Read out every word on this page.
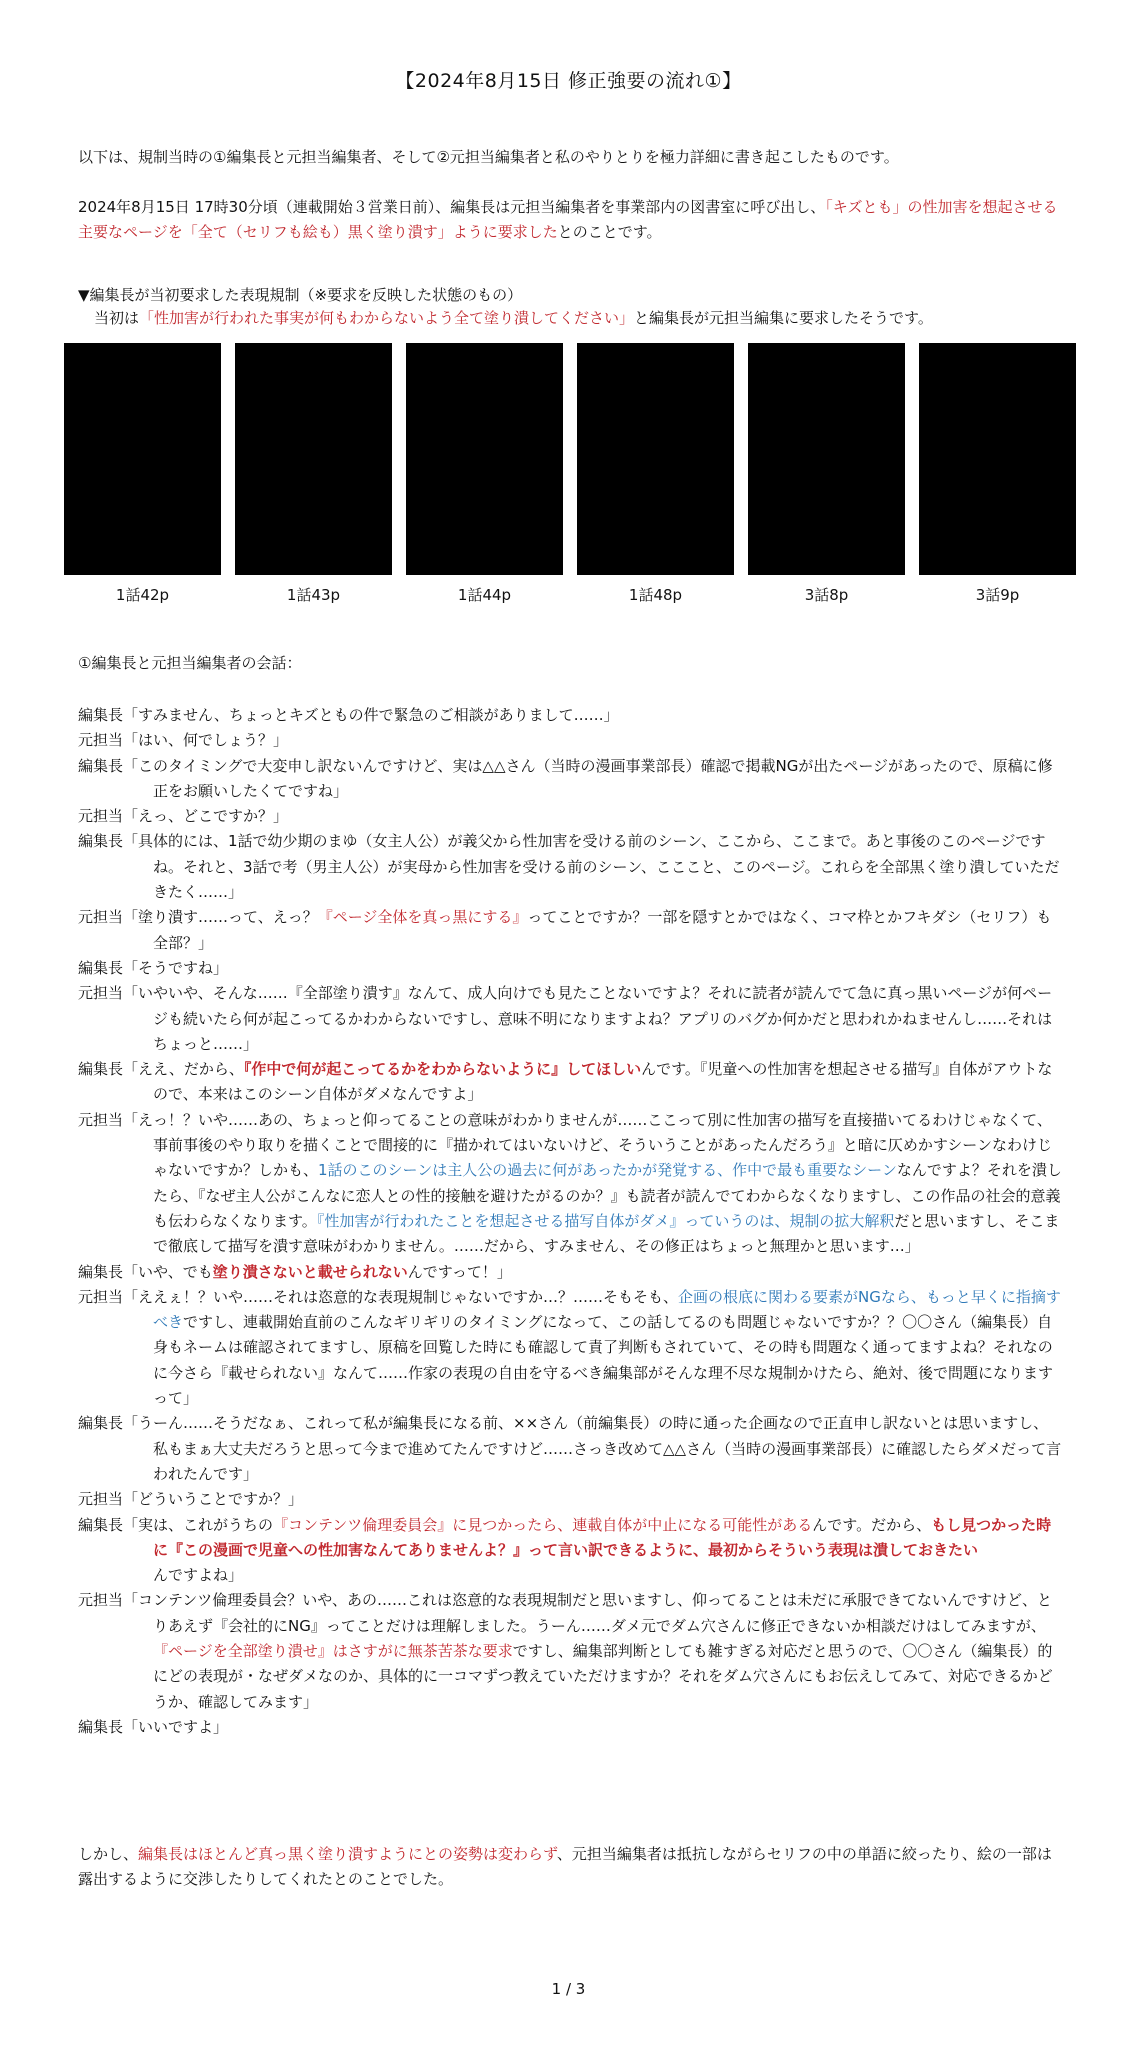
【2024年8月15日 修正強要の流れ①】
以下は、規制当時の①編集長と元担当編集者、そして②元担当編集者と私のやりとりを極力詳細に書き起こしたものです。
2024年8月15日 17時30分頃（連載開始３営業日前）、編集長は元担当編集者を事業部内の図書室に呼び出し、「キズとも」の性加害を想起させる主要なページを「全て（セリフも絵も）黒く塗り潰す」ように要求したとのことです。
▼編集長が当初要求した表現規制（※要求を反映した状態のもの）
当初は「性加害が行われた事実が何もわからないよう全て塗り潰してください」と編集長が元担当編集に要求したそうです。
1話42p	1話43p	1話44p	1話48p	3話8p	3話9p
①編集長と元担当編集者の会話：
編集長「すみません、ちょっとキズともの件で緊急のご相談がありまして……」
元担当「はい、何でしょう？」
編集長「このタイミングで大変申し訳ないんですけど、実は△△さん（当時の漫画事業部長）確認で掲載NGが出たページがあったので、原稿に修正をお願いしたくてですね」
元担当「えっ、どこですか？」
編集長「具体的には、1話で幼少期のまゆ（女主人公）が義父から性加害を受ける前のシーン、ここから、ここまで。あと事後のこのページですね。それと、3話で考（男主人公）が実母から性加害を受ける前のシーン、こここと、このページ。これらを全部黒く塗り潰していただきたく……」
元担当「塗り潰す……って、えっ？『ページ全体を真っ黒にする』ってことですか？一部を隠すとかではなく、コマ枠とかフキダシ（セリフ）も全部？」
編集長「そうですね」
元担当「いやいや、そんな……『全部塗り潰す』なんて、成人向けでも見たことないですよ？それに読者が読んでて急に真っ黒いページが何ページも続いたら何が起こってるかわからないですし、意味不明になりますよね？アプリのバグか何かだと思われかねませんし……それはちょっと……」
編集長「ええ、だから、『作中で何が起こってるかをわからないように』してほしいんです。『児童への性加害を想起させる描写』自体がアウトなので、本来はこのシーン自体がダメなんですよ」
元担当「えっ！？いや……あの、ちょっと仰ってることの意味がわかりませんが……ここって別に性加害の描写を直接描いてるわけじゃなくて、事前事後のやり取りを描くことで間接的に『描かれてはいないけど、そういうことがあったんだろう』と暗に仄めかすシーンなわけじゃないですか？しかも、1話のこのシーンは主人公の過去に何があったかが発覚する、作中で最も重要なシーンなんですよ？それを潰したら、『なぜ主人公がこんなに恋人との性的接触を避けたがるのか？』も読者が読んでてわからなくなりますし、この作品の社会的意義も伝わらなくなります。『性加害が行われたことを想起させる描写自体がダメ』っていうのは、規制の拡大解釈だと思いますし、そこまで徹底して描写を潰す意味がわかりません。……だから、すみません、その修正はちょっと無理かと思います…」
編集長「いや、でも塗り潰さないと載せられないんですって！」
元担当「ええぇ！？いや……それは恣意的な表現規制じゃないですか…？……そもそも、企画の根底に関わる要素がNGなら、もっと早くに指摘すべきですし、連載開始直前のこんなギリギリのタイミングになって、この話してるのも問題じゃないですか？？〇〇さん（編集長）自身もネームは確認されてますし、原稿を回覧した時にも確認して責了判断もされていて、その時も問題なく通ってますよね？それなのに今さら『載せられない』なんて……作家の表現の自由を守るべき編集部がそんな理不尽な規制かけたら、絶対、後で問題になりますって」
編集長「うーん……そうだなぁ、これって私が編集長になる前、××さん（前編集長）の時に通った企画なので正直申し訳ないとは思いますし、私もまぁ大丈夫だろうと思って今まで進めてたんですけど……さっき改めて△△さん（当時の漫画事業部長）に確認したらダメだって言われたんです」
元担当「どういうことですか？」
編集長「実は、これがうちの『コンテンツ倫理委員会』に見つかったら、連載自体が中止になる可能性があるんです。だから、もし見つかった時に『この漫画で児童への性加害なんてありませんよ？』って言い訳できるように、最初からそういう表現は潰しておきたいんですよね」
元担当「コンテンツ倫理委員会？いや、あの……これは恣意的な表現規制だと思いますし、仰ってることは未だに承服できてないんですけど、とりあえず『会社的にNG』ってことだけは理解しました。うーん……ダメ元でダム穴さんに修正できないか相談だけはしてみますが、『ページを全部塗り潰せ』はさすがに無茶苦茶な要求ですし、編集部判断としても雑すぎる対応だと思うので、〇〇さん（編集長）的にどの表現が・なぜダメなのか、具体的に一コマずつ教えていただけますか？それをダム穴さんにもお伝えしてみて、対応できるかどうか、確認してみます」
編集長「いいですよ」
しかし、編集長はほとんど真っ黒く塗り潰すようにとの姿勢は変わらず、元担当編集者は抵抗しながらセリフの中の単語に絞ったり、絵の一部は露出するように交渉したりしてくれたとのことでした。
1 / 3
